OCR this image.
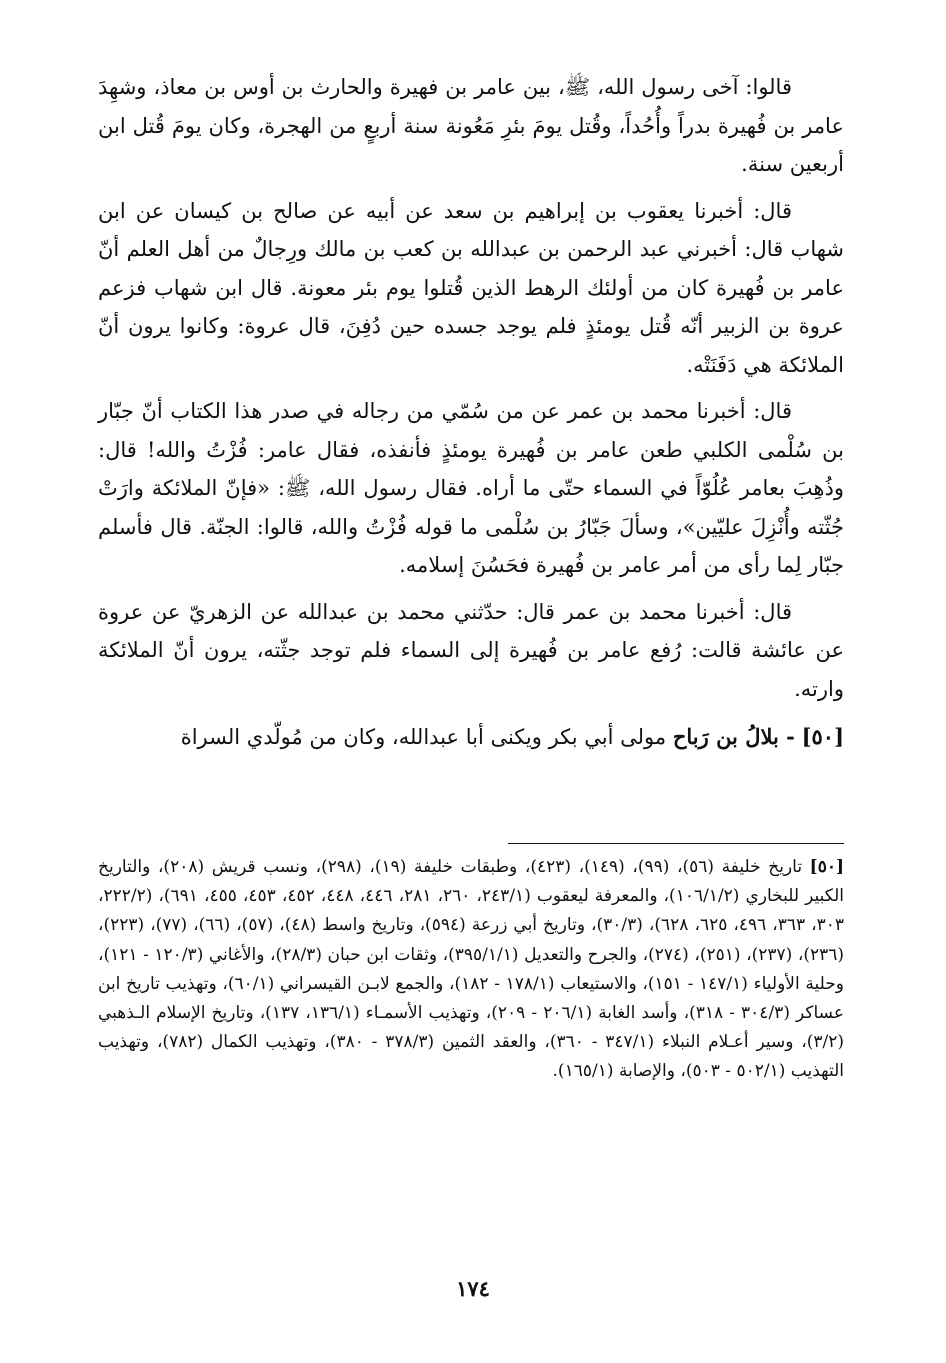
قالوا: آخى رسول الله، ﷺ، بين عامر بن فهيرة والحارث بن أوس بن معاذ، وشهِدَ عامر بن فُهيرة بدراً وأُحُداً، وقُتل يومَ بئرِ مَعُونة سنة أربعٍ من الهجرة، وكان يومَ قُتل ابن أربعين سنة.

قال: أخبرنا يعقوب بن إبراهيم بن سعد عن أبيه عن صالح بن كيسان عن ابن شهاب قال: أخبرني عبد الرحمن بن عبدالله بن كعب بن مالك ورِجالٌ من أهل العلم أنّ عامر بن فُهيرة كان من أولئك الرهط الذين قُتلوا يوم بئر معونة. قال ابن شهاب فزعم عروة بن الزبير أنّه قُتل يومئذٍ فلم يوجد جسده حين دُفِنَ، قال عروة: وكانوا يرون أنّ الملائكة هي دَفَنَتْه.

قال: أخبرنا محمد بن عمر عن من سُمّي من رجاله في صدر هذا الكتاب أنّ جبّار بن سُلْمى الكلبي طعن عامر بن فُهيرة يومئذٍ فأنفذه، فقال عامر: فُزْتُ والله! قال: وذُهِبَ بعامر عُلُوّاً في السماء حتّى ما أراه. فقال رسول الله، ﷺ: «فإنّ الملائكة وارَتْ جُثّته وأُنْزِلَ عليّين»، وسألَ جَبّارُ بن سُلْمى ما قوله فُزْتُ والله، قالوا: الجنّة. قال فأسلم جبّار لِما رأى من أمر عامر بن فُهيرة فحَسُنَ إسلامه.

قال: أخبرنا محمد بن عمر قال: حدّثني محمد بن عبدالله عن الزهريّ عن عروة عن عائشة قالت: رُفع عامر بن فُهيرة إلى السماء فلم توجد جثّته، يرون أنّ الملائكة وارته.

[٥٠] - بلالُ بن رَباح مولى أبي بكر ويكنى أبا عبدالله، وكان من مُولّدي السراة

[٥٠] تاريخ خليفة (٥٦)، (٩٩)، (١٤٩)، (٤٢٣)، وطبقات خليفة (١٩)، (٢٩٨)، ونسب قريش (٢٠٨)، والتاريخ الكبير للبخاري (١٠٦/١/٢)، والمعرفة ليعقوب (٢٤٣/١، ٢٦٠، ٢٨١، ٤٤٦، ٤٤٨، ٤٥٢، ٤٥٣، ٤٥٥، ٦٩١)، (٢٢٢/٢، ٣٠٣، ٣٦٣، ٤٩٦، ٦٢٥، ٦٢٨)، (٣٠/٣)، وتاريخ أبي زرعة (٥٩٤)، وتاريخ واسط (٤٨)، (٥٧)، (٦٦)، (٧٧)، (٢٢٣)، (٢٣٦)، (٢٣٧)، (٢٥١)، (٢٧٤)، والجرح والتعديل (٣٩٥/١/١)، وثقات ابن حبان (٢٨/٣)، والأغاني (١٢٠/٣ - ١٢١)، وحلية الأولياء (١٤٧/١ - ١٥١)، والاستيعاب (١٧٨/١ - ١٨٢)، والجمع لابـن القيسراني (٦٠/١)، وتهذيب تاريخ ابن عساكر (٣٠٤/٣ - ٣١٨)، وأسد الغابة (٢٠٦/١ - ٢٠٩)، وتهذيب الأسمـاء (١٣٦/١، ١٣٧)، وتاريخ الإسلام الـذهبي (٣/٢)، وسير أعـلام النبلاء (٣٤٧/١ - ٣٦٠)، والعقد الثمين (٣٧٨/٣ - ٣٨٠)، وتهذيب الكمال (٧٨٢)، وتهذيب التهذيب (٥٠٢/١ - ٥٠٣)، والإصابة (١٦٥/١).

١٧٤
